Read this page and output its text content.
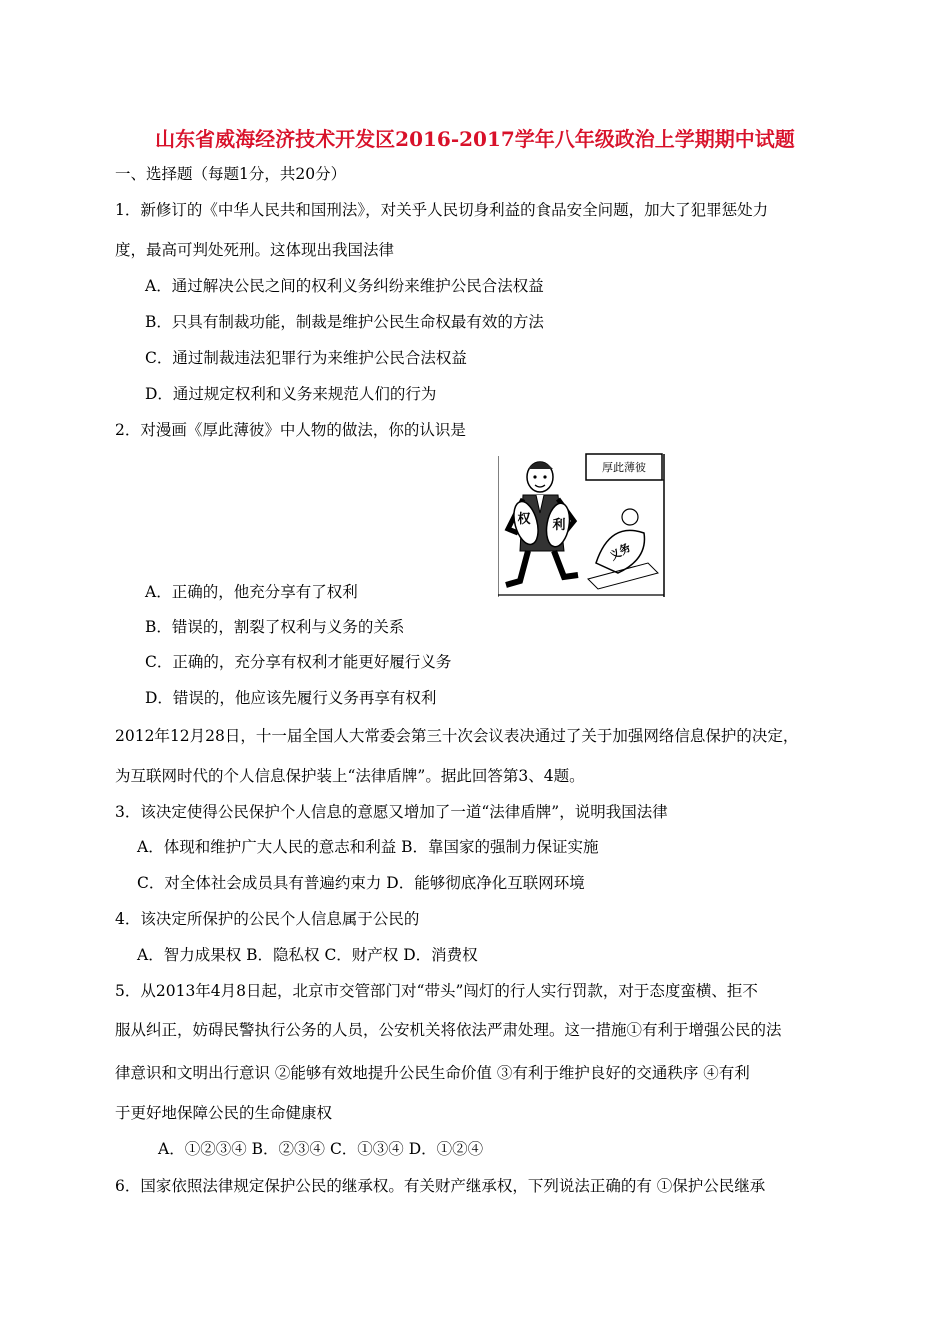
山东省威海经济技术开发区2016-2017学年八年级政治上学期期中试题
一、选择题（每题1分，共20分）
1．新修订的《中华人民共和国刑法》，对关乎人民切身利益的食品安全问题，加大了犯罪惩处力
度，最高可判处死刑。这体现出我国法律
A．通过解决公民之间的权利义务纠纷来维护公民合法权益
B．只具有制裁功能，制裁是维护公民生命权最有效的方法
C．通过制裁违法犯罪行为来维护公民合法权益
D．通过规定权利和义务来规范人们的行为
2．对漫画《厚此薄彼》中人物的做法，你的认识是
厚此薄彼
权 利
义务
A．正确的，他充分享有了权利
B．错误的，割裂了权利与义务的关系
C．正确的，充分享有权利才能更好履行义务
D．错误的，他应该先履行义务再享有权利
2012年12月28日，十一届全国人大常委会第三十次会议表决通过了关于加强网络信息保护的决定，
为互联网时代的个人信息保护装上“法律盾牌”。据此回答第3、4题。
3．该决定使得公民保护个人信息的意愿又增加了一道“法律盾牌”，说明我国法律
A．体现和维护广大人民的意志和利益 B．靠国家的强制力保证实施
C．对全体社会成员具有普遍约束力 D．能够彻底净化互联网环境
4．该决定所保护的公民个人信息属于公民的
A．智力成果权 B．隐私权 C．财产权 D．消费权
5．从2013年4月8日起，北京市交管部门对“带头”闯灯的行人实行罚款，对于态度蛮横、拒不
服从纠正，妨碍民警执行公务的人员，公安机关将依法严肃处理。这一措施①有利于增强公民的法
律意识和文明出行意识 ②能够有效地提升公民生命价值 ③有利于维护良好的交通秩序 ④有利
于更好地保障公民的生命健康权
A．①②③④ B．②③④ C．①③④ D．①②④
6．国家依照法律规定保护公民的继承权。有关财产继承权，下列说法正确的有 ①保护公民继承
